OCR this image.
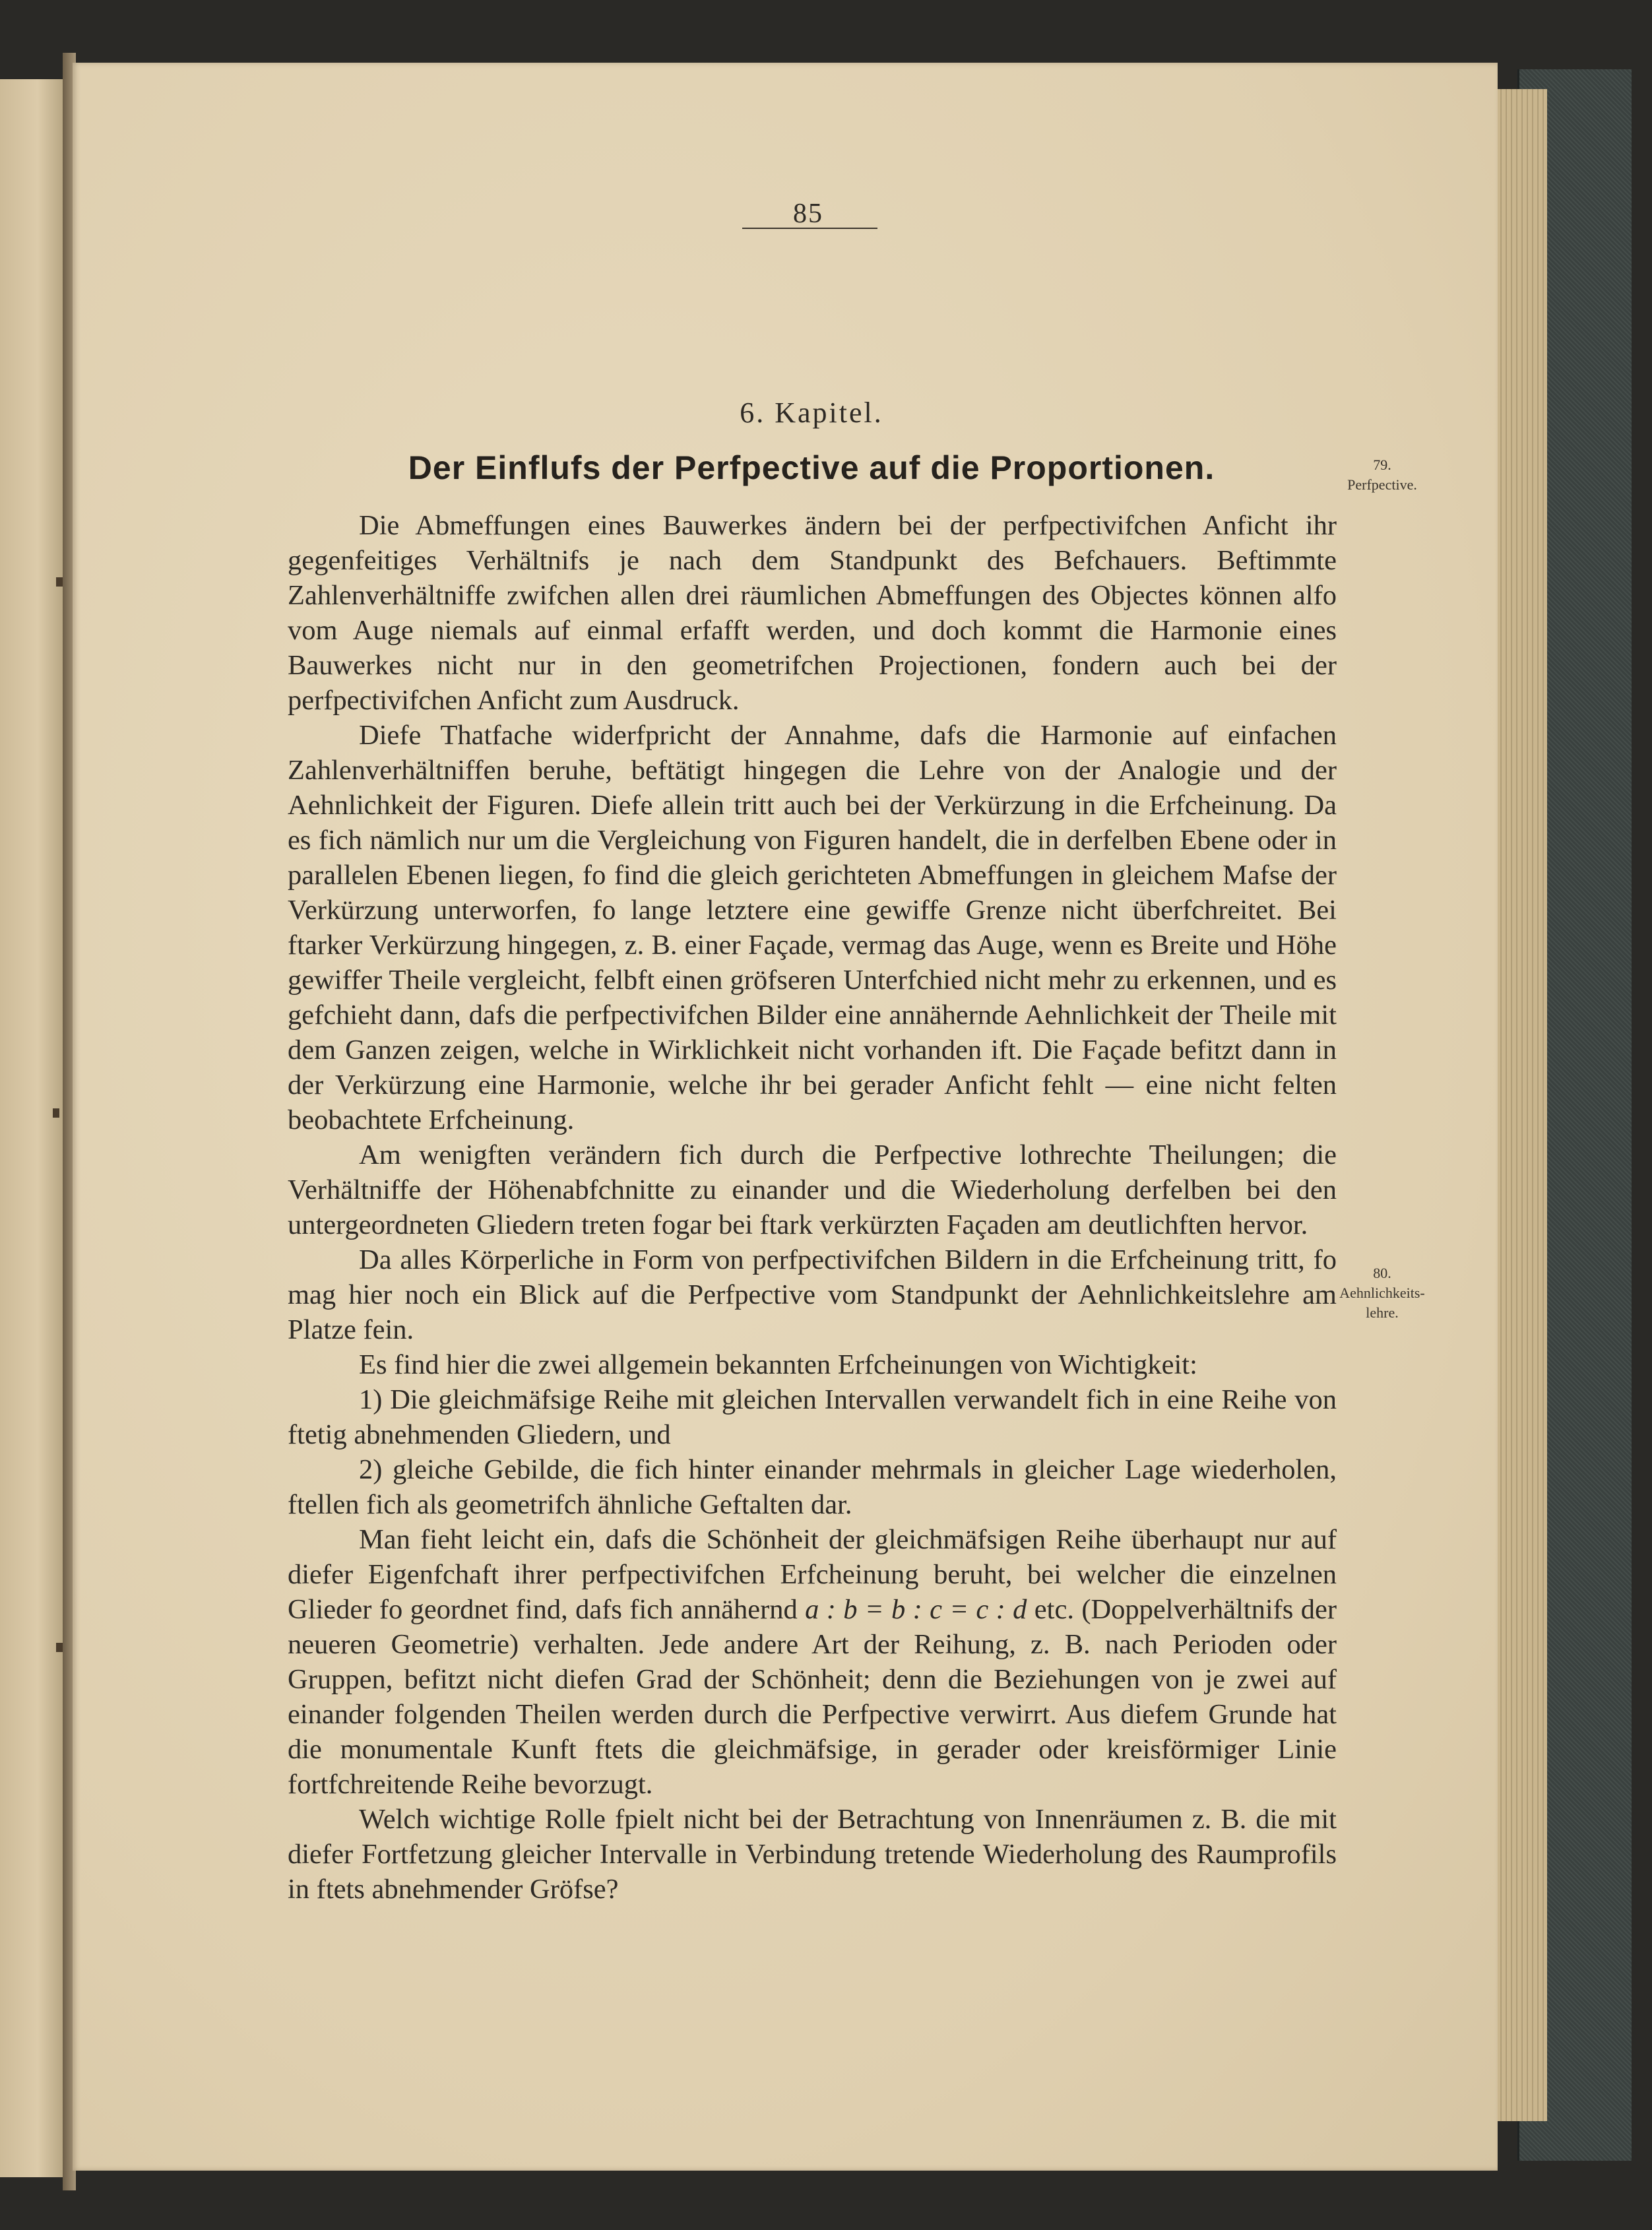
85
6. Kapitel.
Der Einflufs der Perfpective auf die Proportionen.	79.
Perfpective.
80.
Aehnlichkeits-
lehre.

Die Abmeffungen eines Bauwerkes ändern bei der perfpectivifchen Anficht ihr gegenfeitiges Verhältnifs je nach dem Standpunkt des Befchauers. Beftimmte Zahlenverhältniffe zwifchen allen drei räumlichen Abmeffungen des Objectes können alfo vom Auge niemals auf einmal erfafft werden, und doch kommt die Harmonie eines Bauwerkes nicht nur in den geometrifchen Projectionen, fondern auch bei der perfpectivifchen Anficht zum Ausdruck.

Diefe Thatfache widerfpricht der Annahme, dafs die Harmonie auf einfachen Zahlenverhältniffen beruhe, beftätigt hingegen die Lehre von der Analogie und der Aehnlichkeit der Figuren. Diefe allein tritt auch bei der Verkürzung in die Erfcheinung. Da es fich nämlich nur um die Vergleichung von Figuren handelt, die in derfelben Ebene oder in parallelen Ebenen liegen, fo find die gleich gerichteten Abmeffungen in gleichem Mafse der Verkürzung unterworfen, fo lange letztere eine gewiffe Grenze nicht überfchreitet. Bei ftarker Verkürzung hingegen, z. B. einer Façade, vermag das Auge, wenn es Breite und Höhe gewiffer Theile vergleicht, felbft einen gröfseren Unterfchied nicht mehr zu erkennen, und es gefchieht dann, dafs die perfpectivifchen Bilder eine annähernde Aehnlichkeit der Theile mit dem Ganzen zeigen, welche in Wirklichkeit nicht vorhanden ift. Die Façade befitzt dann in der Verkürzung eine Harmonie, welche ihr bei gerader Anficht fehlt — eine nicht felten beobachtete Erfcheinung.

Am wenigften verändern fich durch die Perfpective lothrechte Theilungen; die Verhältniffe der Höhenabfchnitte zu einander und die Wiederholung derfelben bei den untergeordneten Gliedern treten fogar bei ftark verkürzten Façaden am deutlichften hervor.

Da alles Körperliche in Form von perfpectivifchen Bildern in die Erfcheinung tritt, fo mag hier noch ein Blick auf die Perfpective vom Standpunkt der Aehnlichkeitslehre am Platze fein.

Es find hier die zwei allgemein bekannten Erfcheinungen von Wichtigkeit:

1) Die gleichmäfsige Reihe mit gleichen Intervallen verwandelt fich in eine Reihe von ftetig abnehmenden Gliedern, und

2) gleiche Gebilde, die fich hinter einander mehrmals in gleicher Lage wiederholen, ftellen fich als geometrifch ähnliche Geftalten dar.

Man fieht leicht ein, dafs die Schönheit der gleichmäfsigen Reihe überhaupt nur auf diefer Eigenfchaft ihrer perfpectivifchen Erfcheinung beruht, bei welcher die einzelnen Glieder fo geordnet find, dafs fich annähernd a : b = b : c = c : d etc. (Doppelverhältnifs der neueren Geometrie) verhalten. Jede andere Art der Reihung, z. B. nach Perioden oder Gruppen, befitzt nicht diefen Grad der Schönheit; denn die Beziehungen von je zwei auf einander folgenden Theilen werden durch die Perfpective verwirrt. Aus diefem Grunde hat die monumentale Kunft ftets die gleichmäfsige, in gerader oder kreisförmiger Linie fortfchreitende Reihe bevorzugt.

Welch wichtige Rolle fpielt nicht bei der Betrachtung von Innenräumen z. B. die mit diefer Fortfetzung gleicher Intervalle in Verbindung tretende Wiederholung des Raumprofils in ftets abnehmender Gröfse?
